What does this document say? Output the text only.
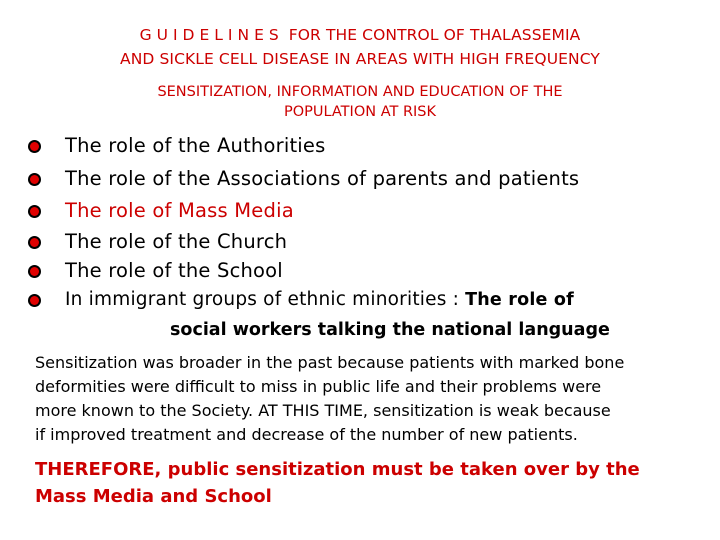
GUIDELINES FOR THE CONTROL OF THALASSEMIA
AND SICKLE CELL DISEASE IN AREAS WITH HIGH FREQUENCY
SENSITIZATION, INFORMATION AND EDUCATION OF THE
POPULATION AT RISK
The role of the Authorities
The role of the Associations of parents and patients
The role of Mass Media
The role of the Church
The role of the School
In immigrant groups of ethnic minorities : The role of
social workers talking the national language
Sensitization was broader in the past because patients with marked bone
deformities were difficult to miss in public life and their problems were
more known to the Society. AT THIS TIME, sensitization is weak because
if improved treatment and decrease of the number of new patients.
THEREFORE, public sensitization must be taken over by the
Mass Media and School
